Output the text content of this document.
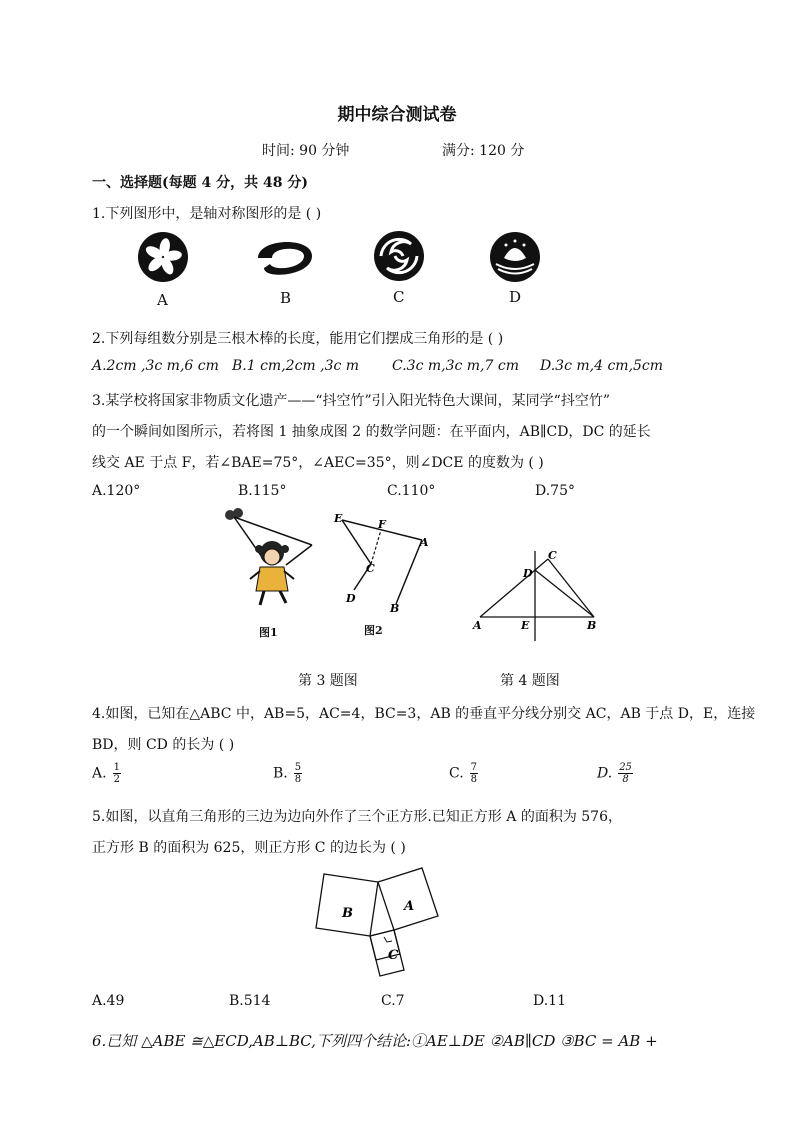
期中综合测试卷
时间: 90 分钟	满分: 120 分
一、选择题(每题 4 分，共 48 分)
1.下列图形中，是轴对称图形的是 ( )
A	B	C	D
2.下列每组数分别是三根木棒的长度，能用它们摆成三角形的是 ( )
A.2cm ,3c m,6 cm B.1 cm,2cm ,3c m C.3c m,3c m,7 cm D.3c m,4 cm,5cm
3.某学校将国家非物质文化遗产——“抖空竹”引入阳光特色大课间，某同学“抖空竹”
的一个瞬间如图所示，若将图 1 抽象成图 2 的数学问题：在平面内，AB∥CD，DC 的延长
线交 AE 于点 F，若∠BAE=75°，∠AEC=35°，则∠DCE 的度数为 ( )
A.120°	B.115°	C.110°	D.75°
图1
E	F
A
C
D
B
图2
C
D
A	E	B
第 3 题图	第 4 题图
4.如图，已知在△ABC 中，AB=5，AC=4，BC=3，AB 的垂直平分线分别交 AC，AB 于点 D，E，连接
BD，则 CD 的长为 ( )
A. $\frac{1}{2}$	B. $\frac{5}{8}$	C. $\frac{7}{8}$	D. $\frac{25}{8}$
5.如图，以直角三角形的三边为边向外作了三个正方形.已知正方形 A 的面积为 576，
正方形 B 的面积为 625，则正方形 C 的边长为 ( )
B	A
C
A.49	B.514	C.7	D.11
6.已知 △ABE ≅△ECD,AB⊥BC,下列四个结论:①AE⊥DE ②AB∥CD ③BC = AB +
